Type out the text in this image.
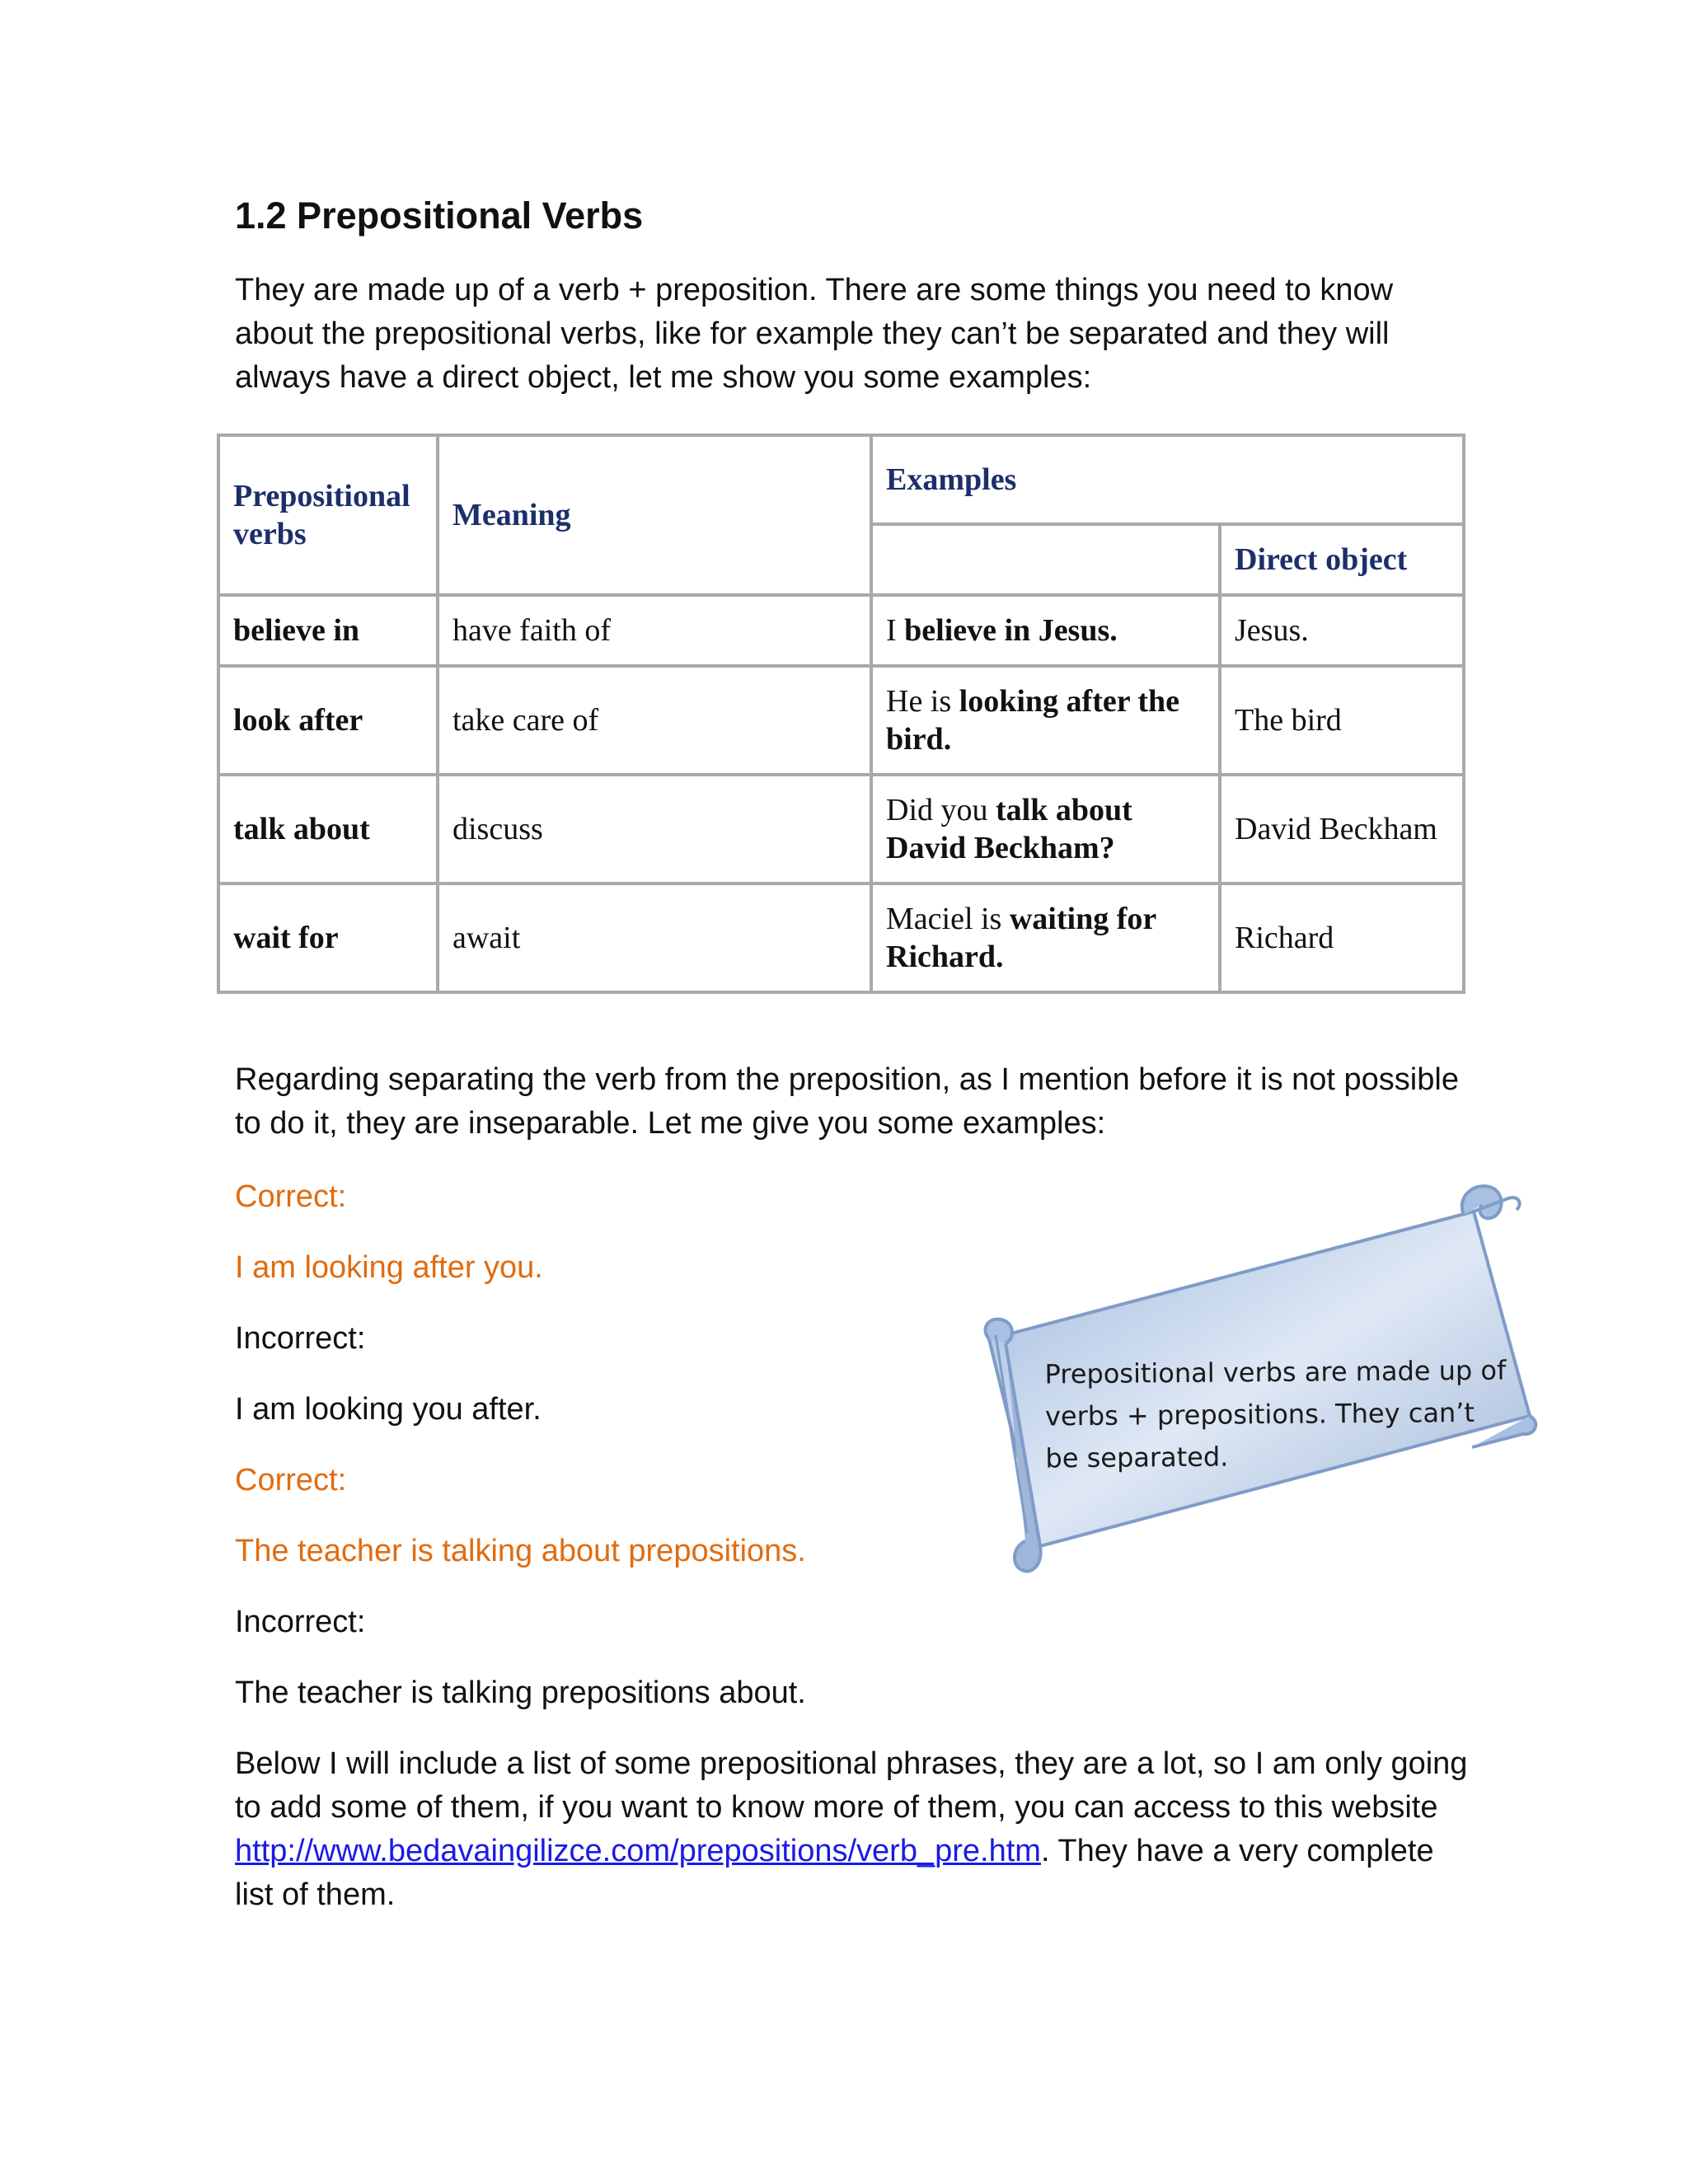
1.2 Prepositional Verbs

They are made up of a verb + preposition. There are some things you need to know about the prepositional verbs, like for example they can’t be separated and they will always have a direct object, let me show you some examples:

Prepositional verbs	Meaning	Examples	
			Direct object
believe in	have faith of	I believe in Jesus.	Jesus.
look after	take care of	He is looking after the bird.	The bird
talk about	discuss	Did you talk about David Beckham?	David Beckham
wait for	await	Maciel is waiting for Richard.	Richard

Regarding separating the verb from the preposition, as I mention before it is not possible to do it, they are inseparable. Let me give you some examples:

Correct:

I am looking after you.

Incorrect:

I am looking you after.

Correct:

The teacher is talking about prepositions.

Incorrect:

The teacher is talking prepositions about.

Below I will include a list of some prepositional phrases, they are a lot, so I am only going to add some of them, if you want to know more of them, you can access to this website http://www.bedavaingilizce.com/prepositions/verb_pre.htm. They have a very complete list of them.

Prepositional verbs are made up of verbs + prepositions. They can’t be separated.
